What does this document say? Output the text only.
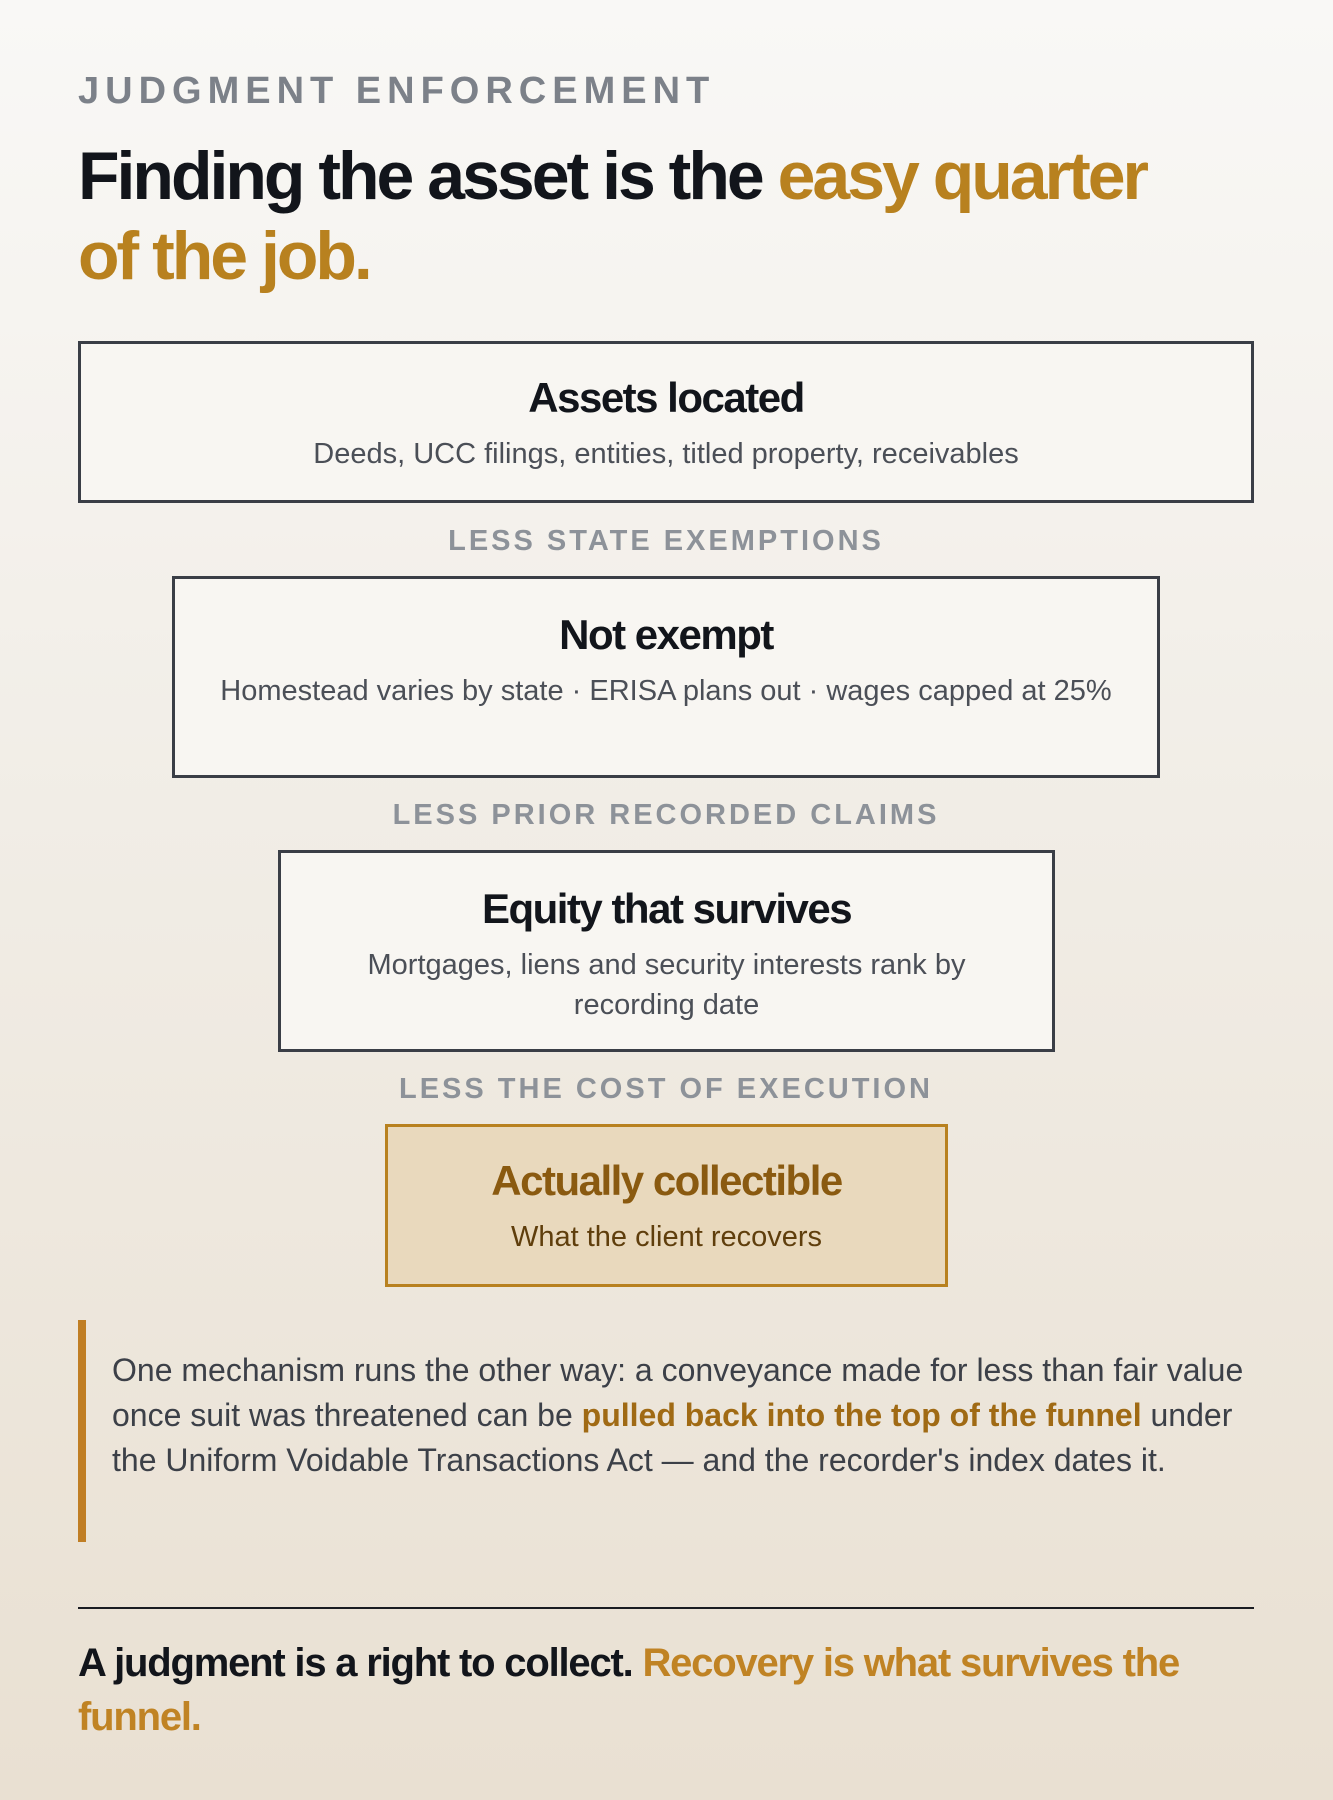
JUDGMENT ENFORCEMENT
Finding the asset is the easy quarter of the job.
Assets located
Deeds, UCC filings, entities, titled property, receivables
LESS STATE EXEMPTIONS
Not exempt
Homestead varies by state · ERISA plans out · wages capped at 25%
LESS PRIOR RECORDED CLAIMS
Equity that survives
Mortgages, liens and security interests rank by recording date
LESS THE COST OF EXECUTION
Actually collectible
What the client recovers
One mechanism runs the other way: a conveyance made for less than fair value once suit was threatened can be pulled back into the top of the funnel under the Uniform Voidable Transactions Act — and the recorder's index dates it.
A judgment is a right to collect. Recovery is what survives the funnel.
